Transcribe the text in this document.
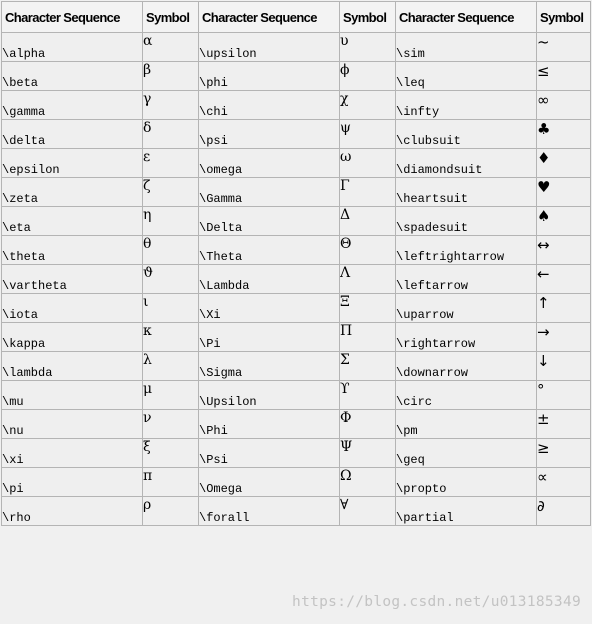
Character Sequence	Symbol	Character Sequence	Symbol	Character Sequence	Symbol
\alpha	α	\upsilon	υ	\sim	~
\beta	β	\phi	ϕ	\leq	≤
\gamma	γ	\chi	χ	\infty	∞
\delta	δ	\psi	ψ	\clubsuit	♣
\epsilon	ε	\omega	ω	\diamondsuit	♦
\zeta	ζ	\Gamma	Γ	\heartsuit	♥
\eta	η	\Delta	Δ	\spadesuit	♠
\theta	θ	\Theta	Θ	\leftrightarrow	↔
\vartheta	ϑ	\Lambda	Λ	\leftarrow	←
\iota	ι	\Xi	Ξ	\uparrow	↑
\kappa	κ	\Pi	Π	\rightarrow	→
\lambda	λ	\Sigma	Σ	\downarrow	↓
\mu	μ	\Upsilon	ϒ	\circ	°
\nu	ν	\Phi	Φ	\pm	±
\xi	ξ	\Psi	Ψ	\geq	≥
\pi	π	\Omega	Ω	\propto	∝
\rho	ρ	\forall	∀	\partial	∂
https://blog.csdn.net/u013185349
